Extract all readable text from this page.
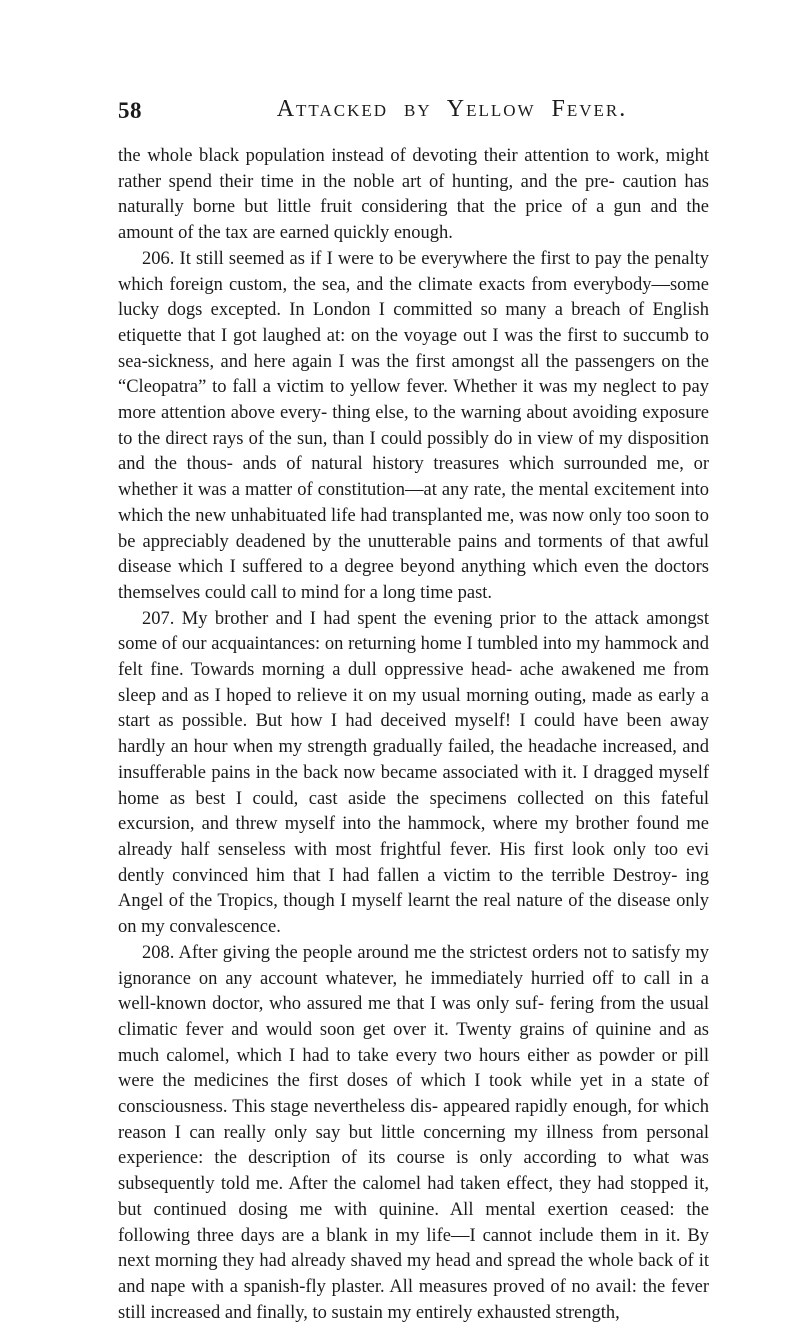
58	Attacked by Yellow Fever.

the whole black population instead of devoting their attention to work, might rather spend their time in the noble art of hunting, and the pre- caution has naturally borne but little fruit considering that the price of a gun and the amount of the tax are earned quickly enough.

206. It still seemed as if I were to be everywhere the first to pay the penalty which foreign custom, the sea, and the climate exacts from everybody—some lucky dogs excepted. In London I committed so many a breach of English etiquette that I got laughed at: on the voyage out I was the first to succumb to sea-sickness, and here again I was the first amongst all the passengers on the “Cleopatra” to fall a victim to yellow fever. Whether it was my neglect to pay more attention above every- thing else, to the warning about avoiding exposure to the direct rays of the sun, than I could possibly do in view of my disposition and the thous- ands of natural history treasures which surrounded me, or whether it was a matter of constitution—at any rate, the mental excitement into which the new unhabituated life had transplanted me, was now only too soon to be appreciably deadened by the unutterable pains and torments of that awful disease which I suffered to a degree beyond anything which even the doctors themselves could call to mind for a long time past.

207. My brother and I had spent the evening prior to the attack amongst some of our acquaintances: on returning home I tumbled into my hammock and felt fine. Towards morning a dull oppressive head- ache awakened me from sleep and as I hoped to relieve it on my usual morning outing, made as early a start as possible. But how I had deceived myself! I could have been away hardly an hour when my strength gradually failed, the headache increased, and insufferable pains in the back now became associated with it. I dragged myself home as best I could, cast aside the specimens collected on this fateful excursion, and threw myself into the hammock, where my brother found me already half senseless with most frightful fever. His first look only too evi dently convinced him that I had fallen a victim to the terrible Destroy- ing Angel of the Tropics, though I myself learnt the real nature of the disease only on my convalescence.

208. After giving the people around me the strictest orders not to satisfy my ignorance on any account whatever, he immediately hurried off to call in a well-known doctor, who assured me that I was only suf- fering from the usual climatic fever and would soon get over it. Twenty grains of quinine and as much calomel, which I had to take every two hours either as powder or pill were the medicines the first doses of which I took while yet in a state of consciousness. This stage nevertheless dis- appeared rapidly enough, for which reason I can really only say but little concerning my illness from personal experience: the description of its course is only according to what was subsequently told me. After the calomel had taken effect, they had stopped it, but continued dosing me with quinine. All mental exertion ceased: the following three days are a blank in my life—I cannot include them in it. By next morning they had already shaved my head and spread the whole back of it and nape with a spanish-fly plaster. All measures proved of no avail: the fever still increased and finally, to sustain my entirely exhausted strength,
